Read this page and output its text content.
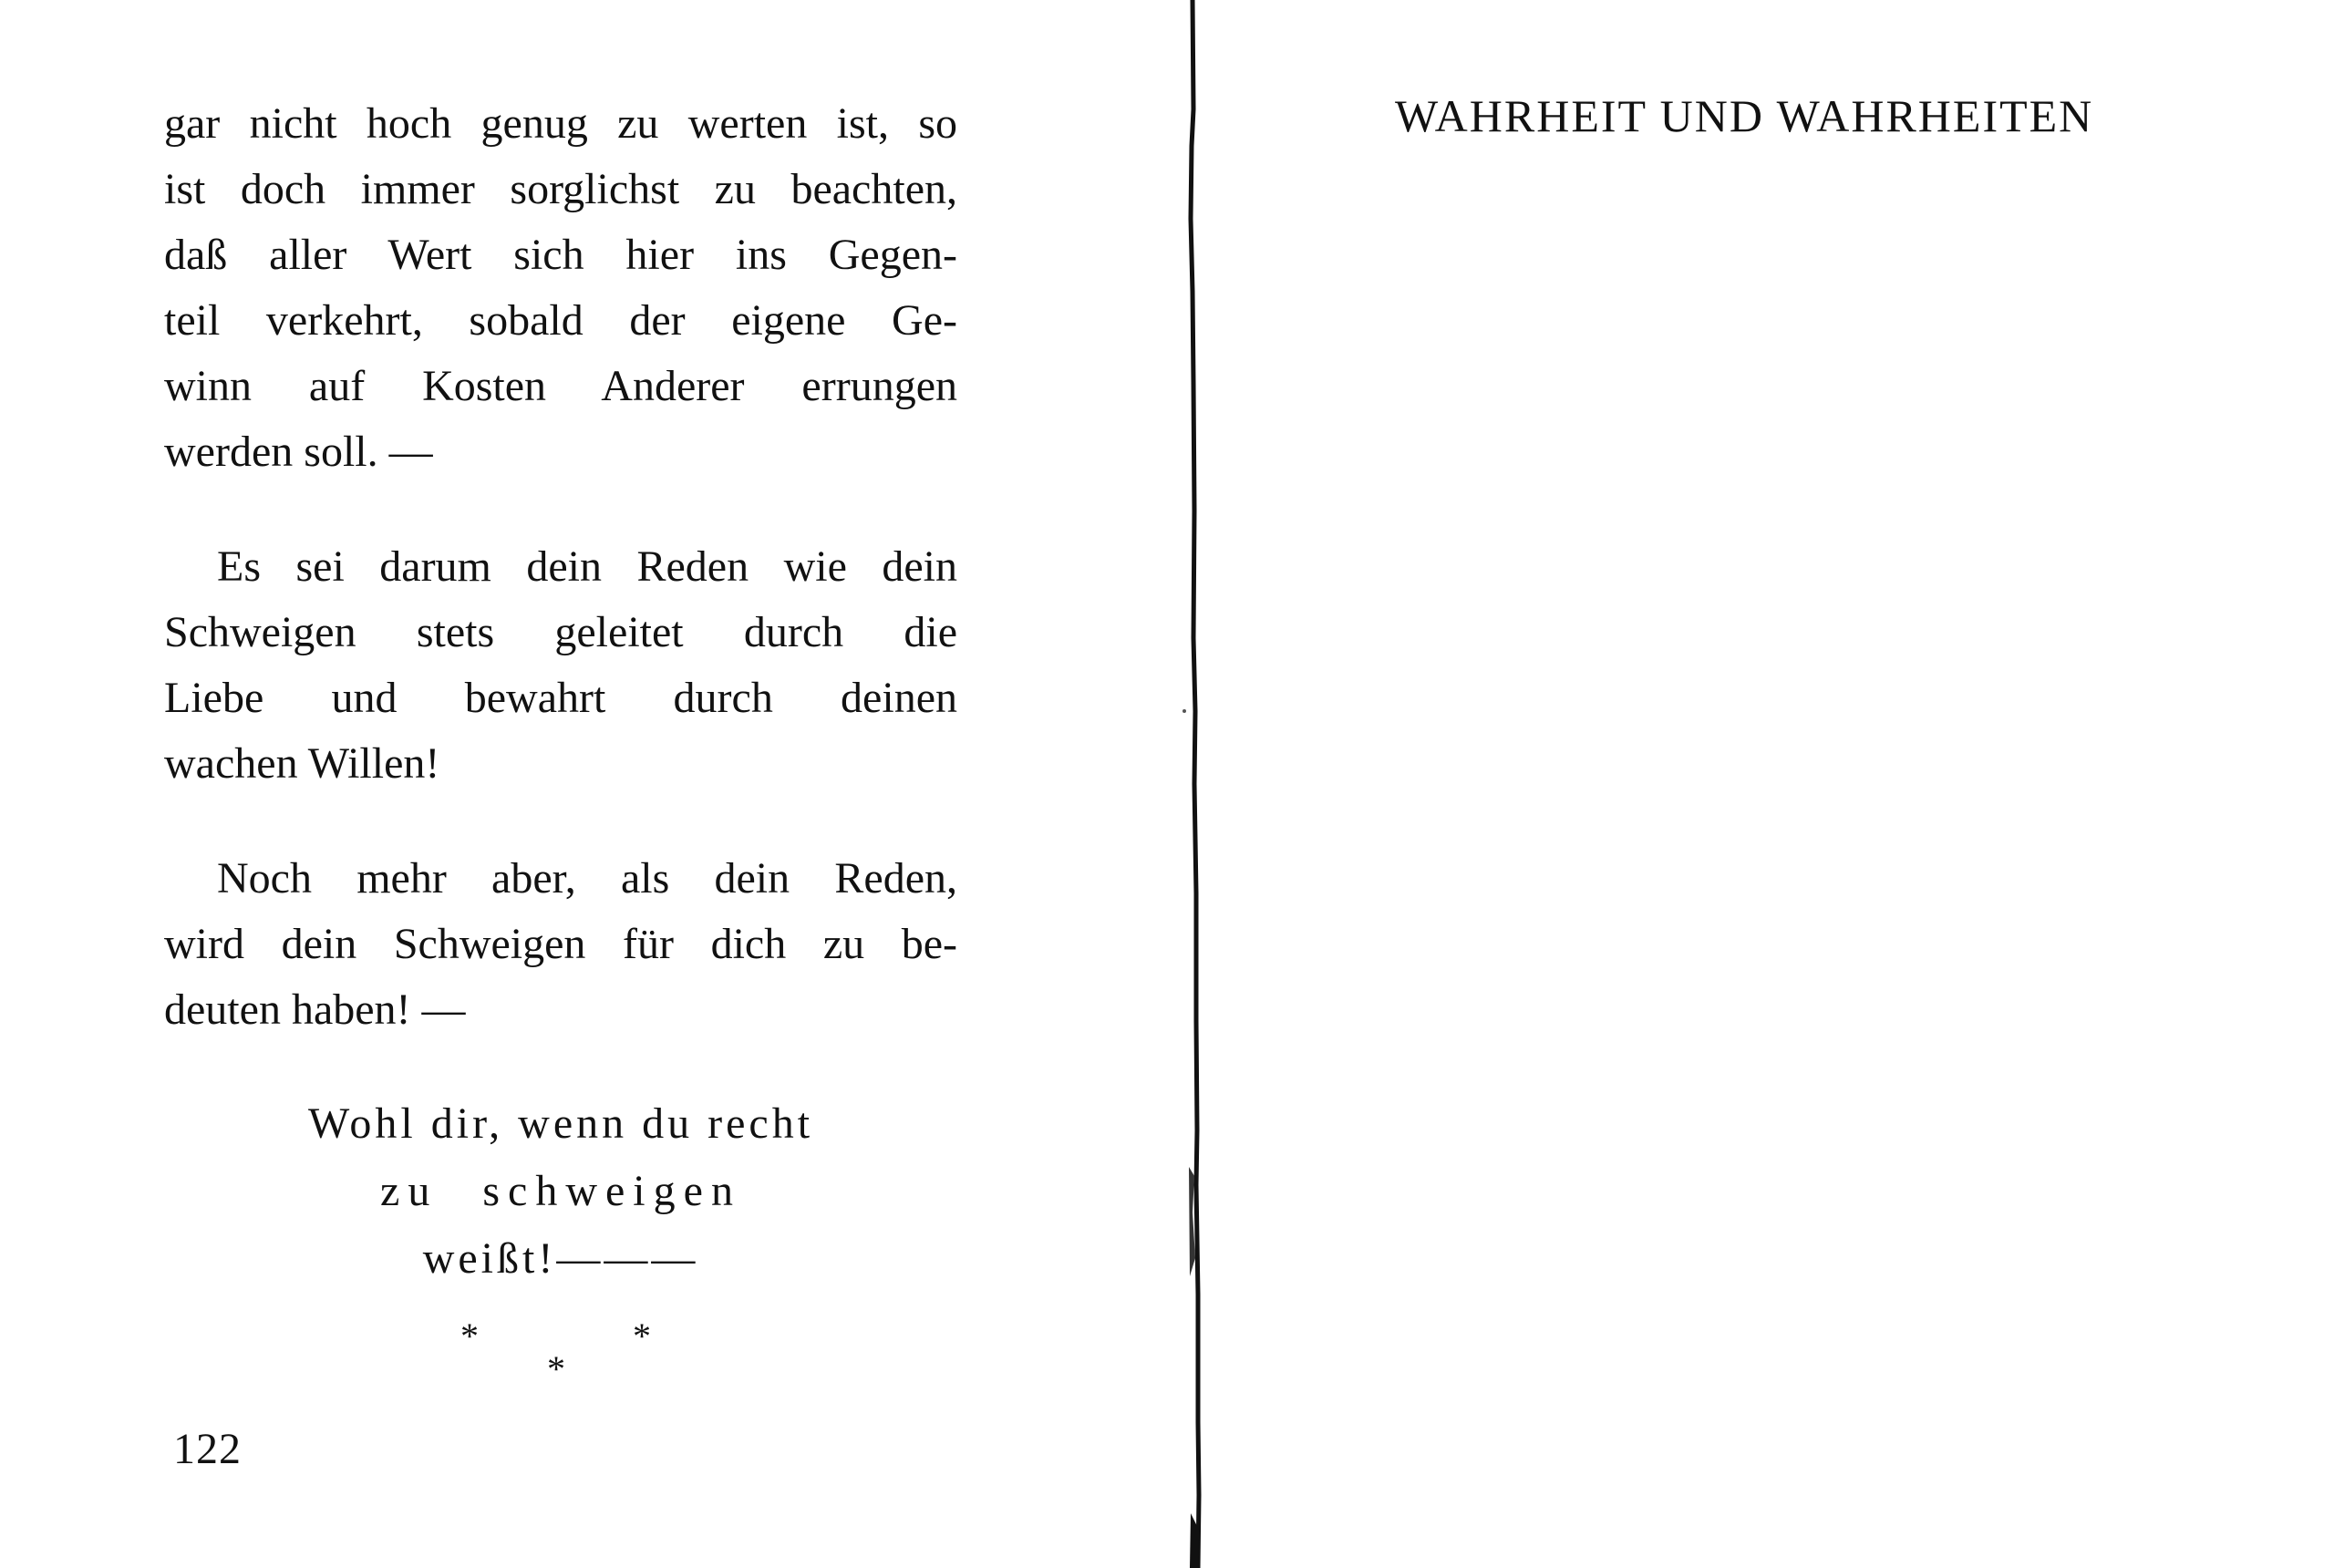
gar nicht hoch genug zu werten ist, so
ist doch immer sorglichst zu beachten,
daß aller Wert sich hier ins Gegen-
teil verkehrt, sobald der eigene Ge-
winn auf Kosten Anderer errungen
werden soll. —

Es sei darum dein Reden wie dein
Schweigen stets geleitet durch die
Liebe und bewahrt durch deinen
wachen Willen!

Noch mehr aber, als dein Reden,
wird dein Schweigen für dich zu be-
deuten haben! —

Wohl dir, wenn du recht
zu schweigen
weißt!———
*	*
*
122
WAHRHEIT UND WAHRHEITEN
